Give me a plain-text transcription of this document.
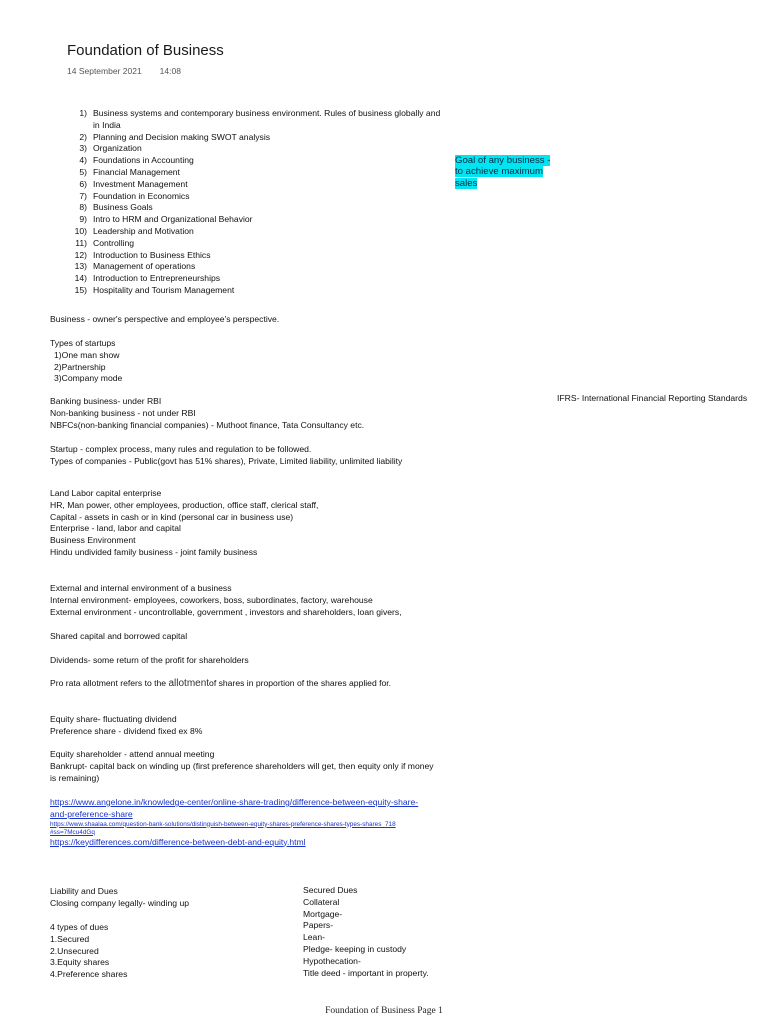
Foundation of Business
14 September 2021 14:08
1) Business systems and contemporary business environment. Rules of business globally and
in India
2) Planning and Decision making SWOT analysis
3) Organization
4) Foundations in Accounting
5) Financial Management
6) Investment Management
7) Foundation in Economics
8) Business Goals
9) Intro to HRM and Organizational Behavior
10) Leadership and Motivation
11) Controlling
12) Introduction to Business Ethics
13) Management of operations
14) Introduction to Entrepreneurships
15) Hospitality and Tourism Management
Goal of any business -
to achieve maximum
sales
Business - owner's perspective and employee's perspective.
Types of startups
1)One man show
2)Partnership
3)Company mode
Banking business- under RBI
Non-banking business - not under RBI
NBFCs(non-banking financial companies) - Muthoot finance, Tata Consultancy etc.
IFRS- International Financial Reporting Standards
Startup - complex process, many rules and regulation to be followed.
Types of companies - Public(govt has 51% shares), Private, Limited liability, unlimited liability
Land Labor capital enterprise
HR, Man power, other employees, production, office staff, clerical staff,
Capital - assets in cash or in kind (personal car in business use)
Enterprise - land, labor and capital
Business Environment
Hindu undivided family business - joint family business
External and internal environment of a business
Internal environment- employees, coworkers, boss, subordinates, factory, warehouse
External environment - uncontrollable, government , investors and shareholders, loan givers,
Shared capital and borrowed capital
Dividends- some return of the profit for shareholders
Pro rata allotment refers to the allotmentof shares in proportion of the shares applied for.
Equity share- fluctuating dividend
Preference share - dividend fixed ex 8%
Equity shareholder - attend annual meeting
Bankrupt- capital back on winding up (first preference shareholders will get, then equity only if money
is remaining)
https://www.angelone.in/knowledge-center/online-share-trading/difference-between-equity-share-
and-preference-share
https://www.shaalaa.com/question-bank-solutions/distinguish-between-equity-shares-preference-shares-types-shares_718
#ss=7Mcu4dGq
https://keydifferences.com/difference-between-debt-and-equity.html
Liability and Dues
Closing company legally- winding up
4 types of dues
1.Secured
2.Unsecured
3.Equity shares
4.Preference shares
Secured Dues
Collateral
Mortgage-
Papers-
Lean-
Pledge- keeping in custody
Hypothecation-
Title deed - important in property.
Foundation of Business Page 1
